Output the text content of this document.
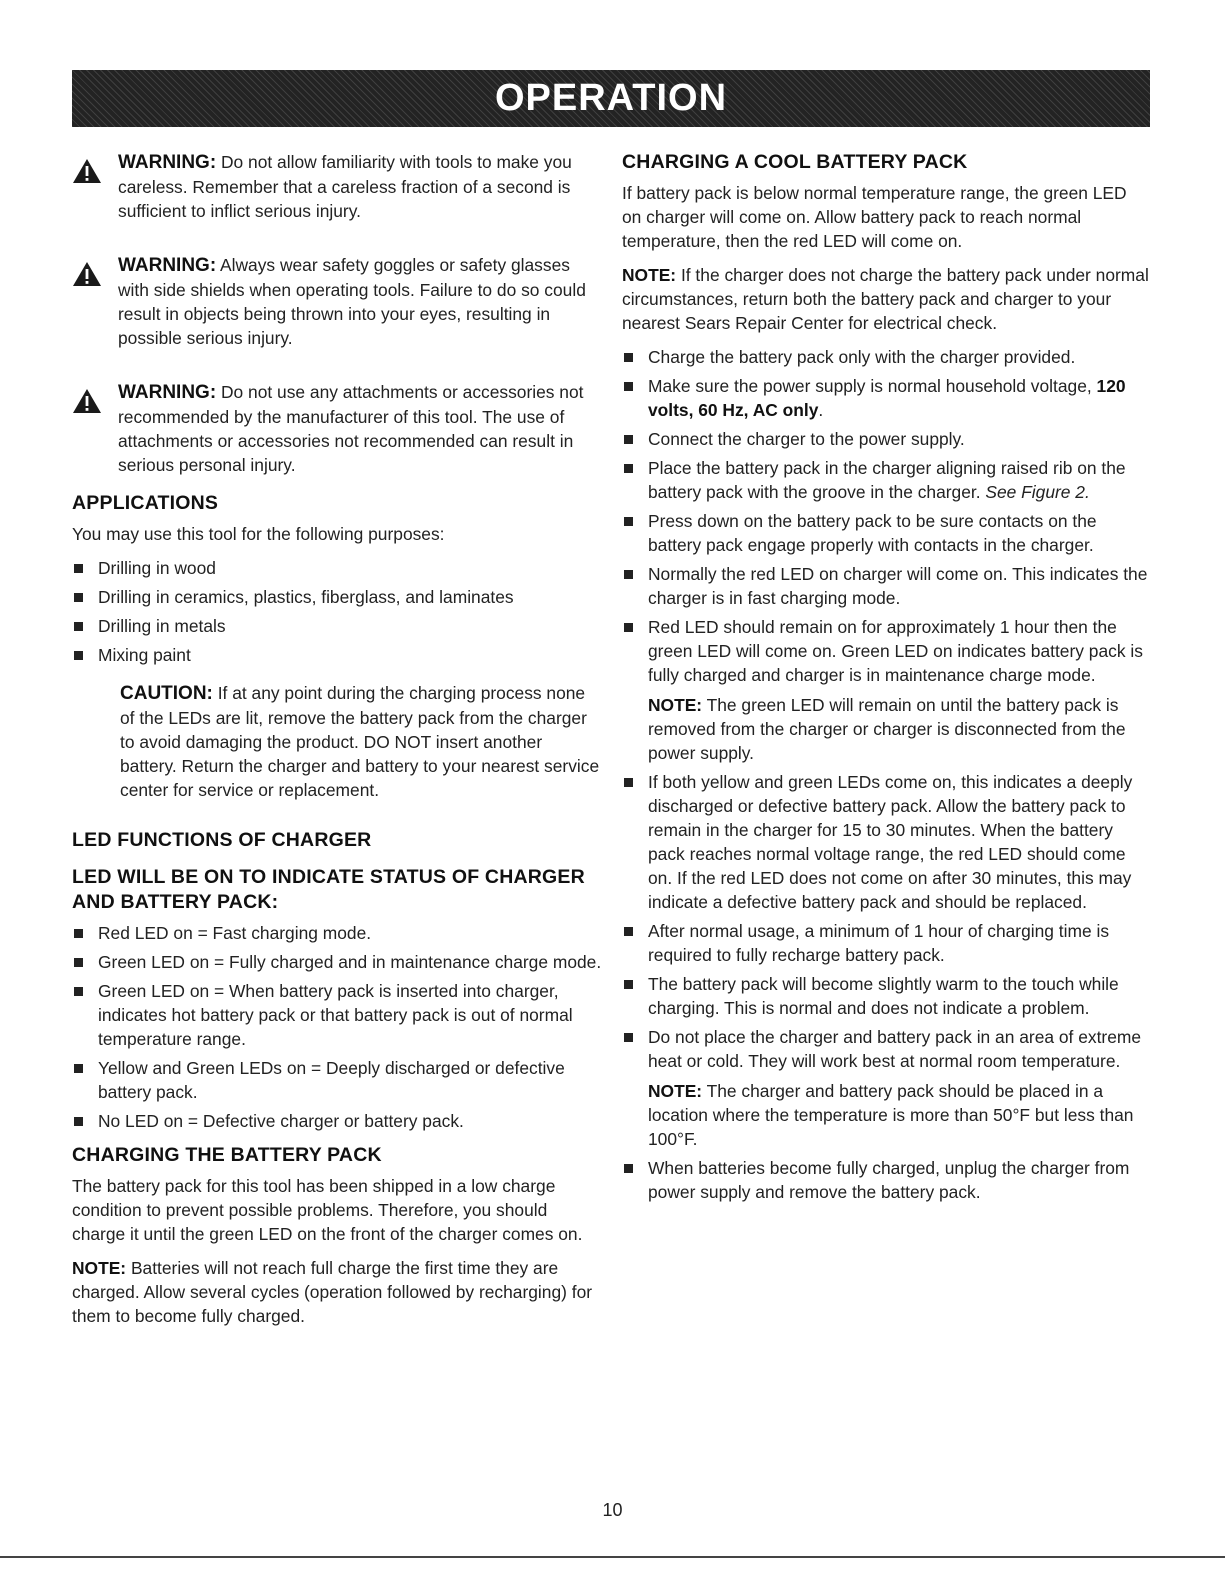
OPERATION

WARNING: Do not allow familiarity with tools to make you careless. Remember that a careless fraction of a second is sufficient to inflict serious injury.

WARNING: Always wear safety goggles or safety glasses with side shields when operating tools. Failure to do so could result in objects being thrown into your eyes, resulting in possible serious injury.

WARNING: Do not use any attachments or accessories not recommended by the manufacturer of this tool. The use of attachments or accessories not recommended can result in serious personal injury.

APPLICATIONS

You may use this tool for the following purposes:

Drilling in wood
Drilling in ceramics, plastics, fiberglass, and laminates
Drilling in metals
Mixing paint

CAUTION: If at any point during the charging process none of the LEDs are lit, remove the battery pack from the charger to avoid damaging the product. DO NOT insert another battery. Return the charger and battery to your nearest service center for service or replacement.

LED FUNCTIONS OF CHARGER
LED WILL BE ON TO INDICATE STATUS OF CHARGER AND BATTERY PACK:
Red LED on = Fast charging mode.
Green LED on = Fully charged and in maintenance charge mode.
Green LED on = When battery pack is inserted into charger, indicates hot battery pack or that battery pack is out of normal temperature range.
Yellow and Green LEDs on = Deeply discharged or defective battery pack.
No LED on = Defective charger or battery pack.
CHARGING THE BATTERY PACK

The battery pack for this tool has been shipped in a low charge condition to prevent possible problems. Therefore, you should charge it until the green LED on the front of the charger comes on.

NOTE: Batteries will not reach full charge the first time they are charged. Allow several cycles (operation followed by recharging) for them to become fully charged.

CHARGING A COOL BATTERY PACK

If battery pack is below normal temperature range, the green LED on charger will come on. Allow battery pack to reach normal temperature, then the red LED will come on.

NOTE: If the charger does not charge the battery pack under normal circumstances, return both the battery pack and charger to your nearest Sears Repair Center for electrical check.

Charge the battery pack only with the charger provided.
Make sure the power supply is normal household voltage, 120 volts, 60 Hz, AC only.
Connect the charger to the power supply.
Place the battery pack in the charger aligning raised rib on the battery pack with the groove in the charger. See Figure 2.
Press down on the battery pack to be sure contacts on the battery pack engage properly with contacts in the charger.
Normally the red LED on charger will come on. This indicates the charger is in fast charging mode.
Red LED should remain on for approximately 1 hour then the green LED will come on. Green LED on indicates battery pack is fully charged and charger is in maintenance charge mode.
NOTE: The green LED will remain on until the battery pack is removed from the charger or charger is disconnected from the power supply.
If both yellow and green LEDs come on, this indicates a deeply discharged or defective battery pack. Allow the battery pack to remain in the charger for 15 to 30 minutes. When the battery pack reaches normal voltage range, the red LED should come on. If the red LED does not come on after 30 minutes, this may indicate a defective battery pack and should be replaced.
After normal usage, a minimum of 1 hour of charging time is required to fully recharge battery pack.
The battery pack will become slightly warm to the touch while charging. This is normal and does not indicate a problem.
Do not place the charger and battery pack in an area of extreme heat or cold. They will work best at normal room temperature.
NOTE: The charger and battery pack should be placed in a location where the temperature is more than 50°F but less than 100°F.
When batteries become fully charged, unplug the charger from power supply and remove the battery pack.
10
